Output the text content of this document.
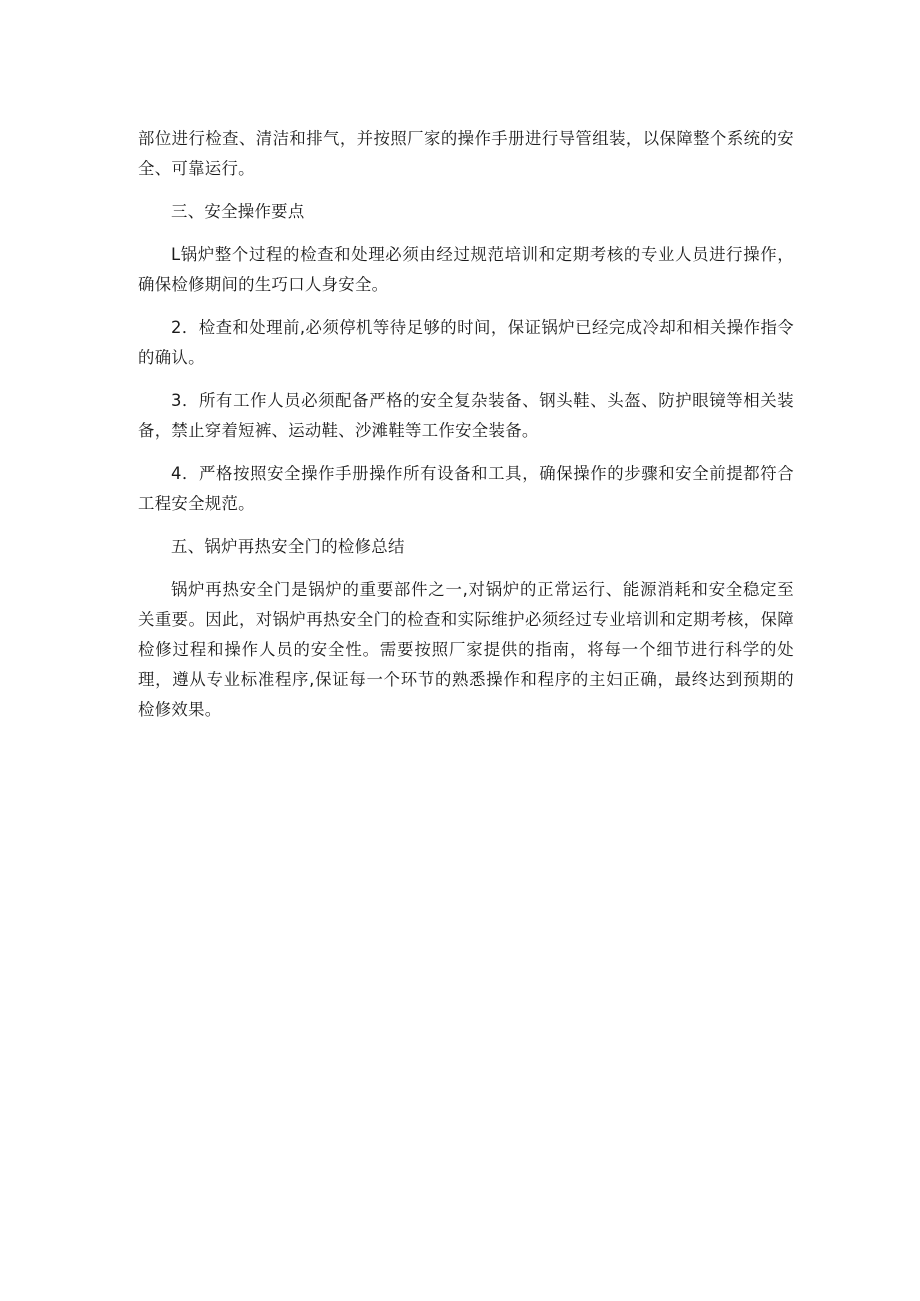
部位进行检查、清洁和排气，并按照厂家的操作手册进行导管组装，以保障整个系统的安全、可靠运行。

三、安全操作要点

L锅炉整个过程的检查和处理必须由经过规范培训和定期考核的专业人员进行操作，确保检修期间的生巧口人身安全。

2．检查和处理前,必须停机等待足够的时间，保证锅炉已经完成冷却和相关操作指令的确认。

3．所有工作人员必须配备严格的安全复杂装备、钢头鞋、头盔、防护眼镜等相关装备，禁止穿着短裤、运动鞋、沙滩鞋等工作安全装备。

4．严格按照安全操作手册操作所有设备和工具，确保操作的步骤和安全前提都符合工程安全规范。

五、锅炉再热安全门的检修总结

锅炉再热安全门是锅炉的重要部件之一,对锅炉的正常运行、能源消耗和安全稳定至关重要。因此，对锅炉再热安全门的检查和实际维护必须经过专业培训和定期考核，保障检修过程和操作人员的安全性。需要按照厂家提供的指南，将每一个细节进行科学的处理，遵从专业标准程序,保证每一个环节的熟悉操作和程序的主妇正确，最终达到预期的检修效果。
